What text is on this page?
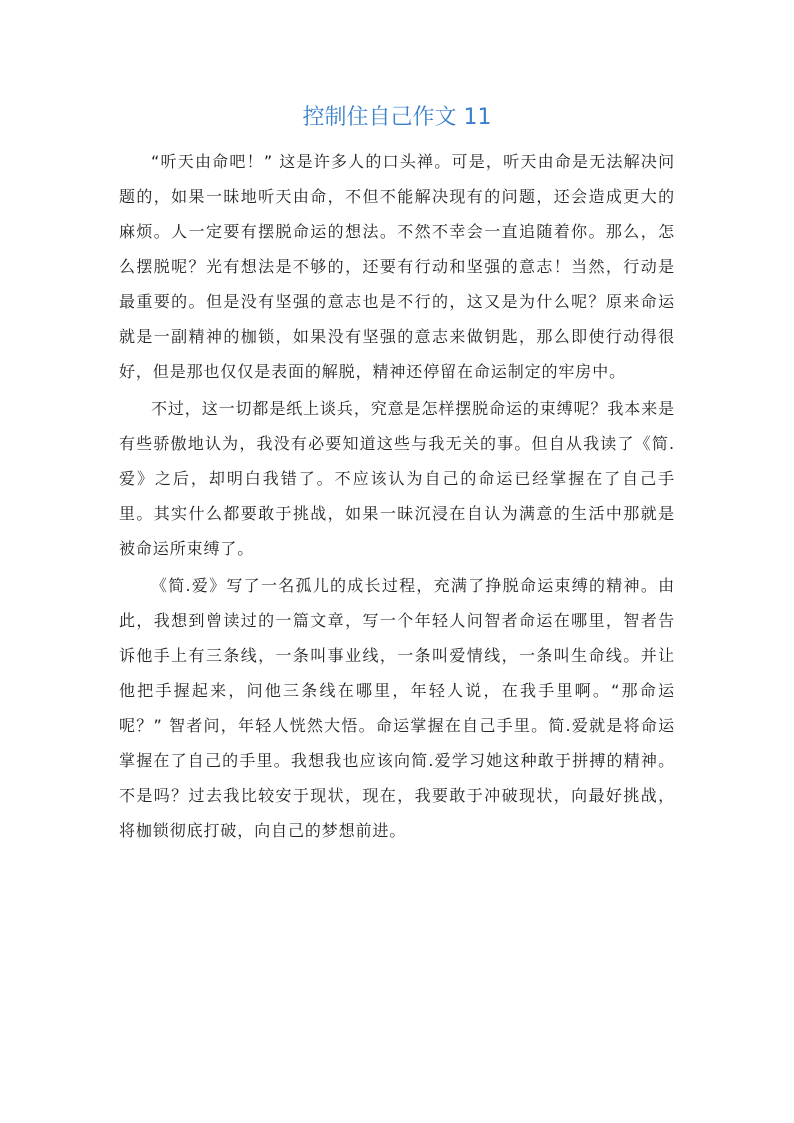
控制住自己作文 11

“听天由命吧！” 这是许多人的口头禅。可是，听天由命是无法解决问题的，如果一昧地听天由命，不但不能解决现有的问题，还会造成更大的麻烦。人一定要有摆脱命运的想法。不然不幸会一直追随着你。那么，怎么摆脱呢？光有想法是不够的，还要有行动和坚强的意志！当然，行动是最重要的。但是没有坚强的意志也是不行的，这又是为什么呢？原来命运就是一副精神的枷锁，如果没有坚强的意志来做钥匙，那么即使行动得很好，但是那也仅仅是表面的解脱，精神还停留在命运制定的牢房中。

不过，这一切都是纸上谈兵，究意是怎样摆脱命运的束缚呢？我本来是有些骄傲地认为，我没有必要知道这些与我无关的事。但自从我读了《简.爱》之后，却明白我错了。不应该认为自己的命运已经掌握在了自己手里。其实什么都要敢于挑战，如果一昧沉浸在自认为满意的生活中那就是被命运所束缚了。

《简.爱》写了一名孤儿的成长过程，充满了挣脱命运束缚的精神。由此，我想到曾读过的一篇文章，写一个年轻人问智者命运在哪里，智者告诉他手上有三条线，一条叫事业线，一条叫爱情线，一条叫生命线。并让他把手握起来，问他三条线在哪里，年轻人说，在我手里啊。“那命运呢？” 智者问，年轻人恍然大悟。命运掌握在自己手里。简.爱就是将命运掌握在了自己的手里。我想我也应该向简.爱学习她这种敢于拼搏的精神。不是吗？过去我比较安于现状，现在，我要敢于冲破现状，向最好挑战，将枷锁彻底打破，向自己的梦想前进。
